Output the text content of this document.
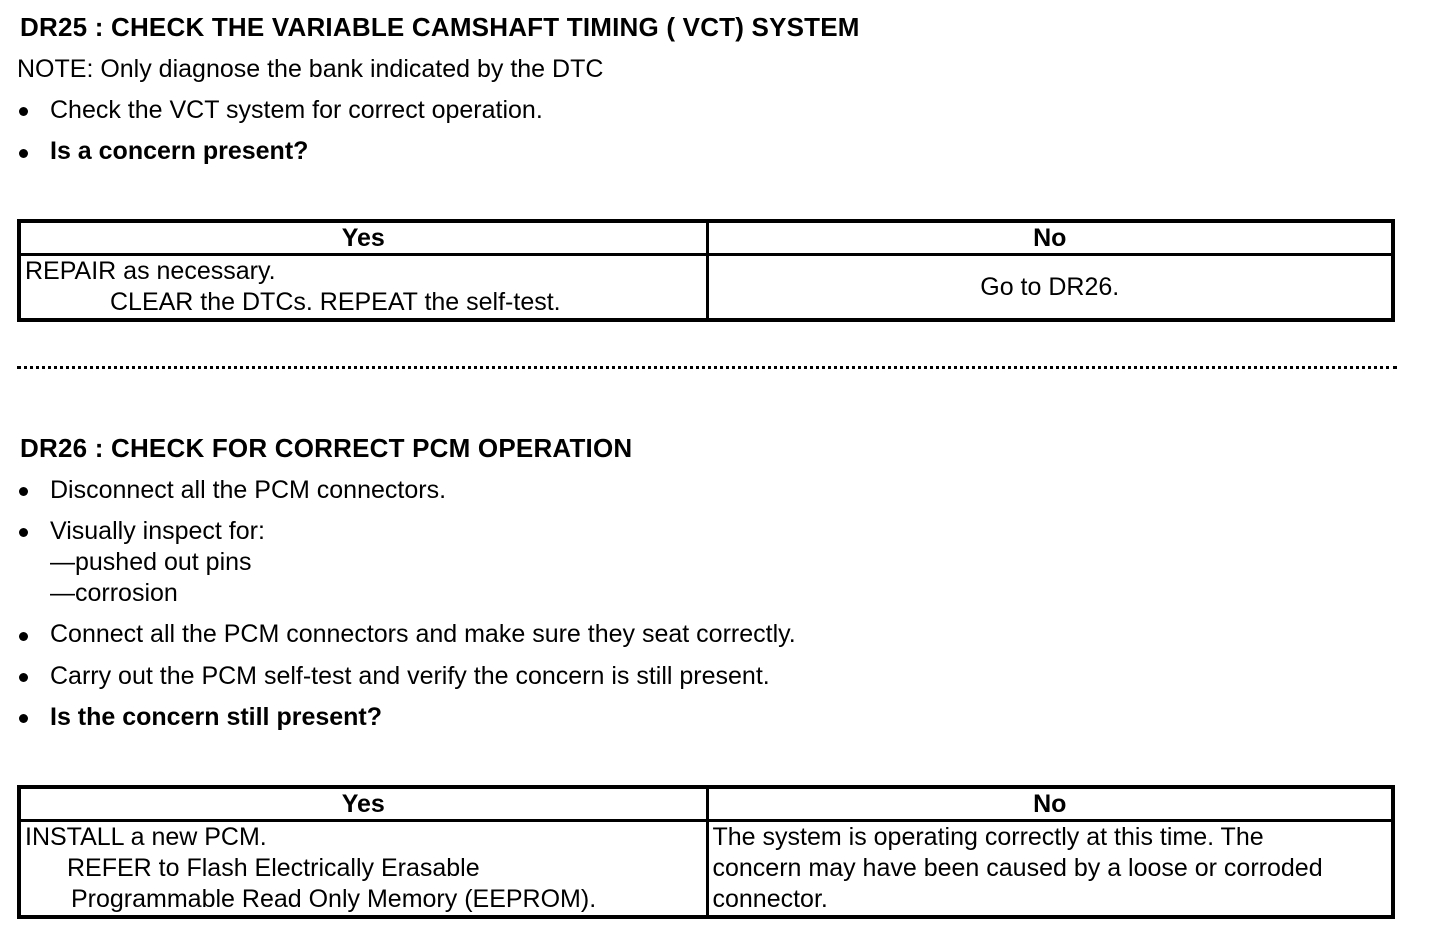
DR25 : CHECK THE VARIABLE CAMSHAFT TIMING ( VCT) SYSTEM
NOTE: Only diagnose the bank indicated by the DTC
Check the VCT system for correct operation.
Is a concern present?
Yes	No

REPAIR as necessary.
CLEAR the DTCs. REPEAT the self-test.	Go to DR26.
DR26 : CHECK FOR CORRECT PCM OPERATION
Disconnect all the PCM connectors.
Visually inspect for:
—pushed out pins
—corrosion
Connect all the PCM connectors and make sure they seat correctly.
Carry out the PCM self-test and verify the concern is still present.
Is the concern still present?
Yes	No

INSTALL a new PCM.
REFER to Flash Electrically Erasable
Programmable Read Only Memory (EEPROM).	The system is operating correctly at this time. The
concern may have been caused by a loose or corroded
connector.
